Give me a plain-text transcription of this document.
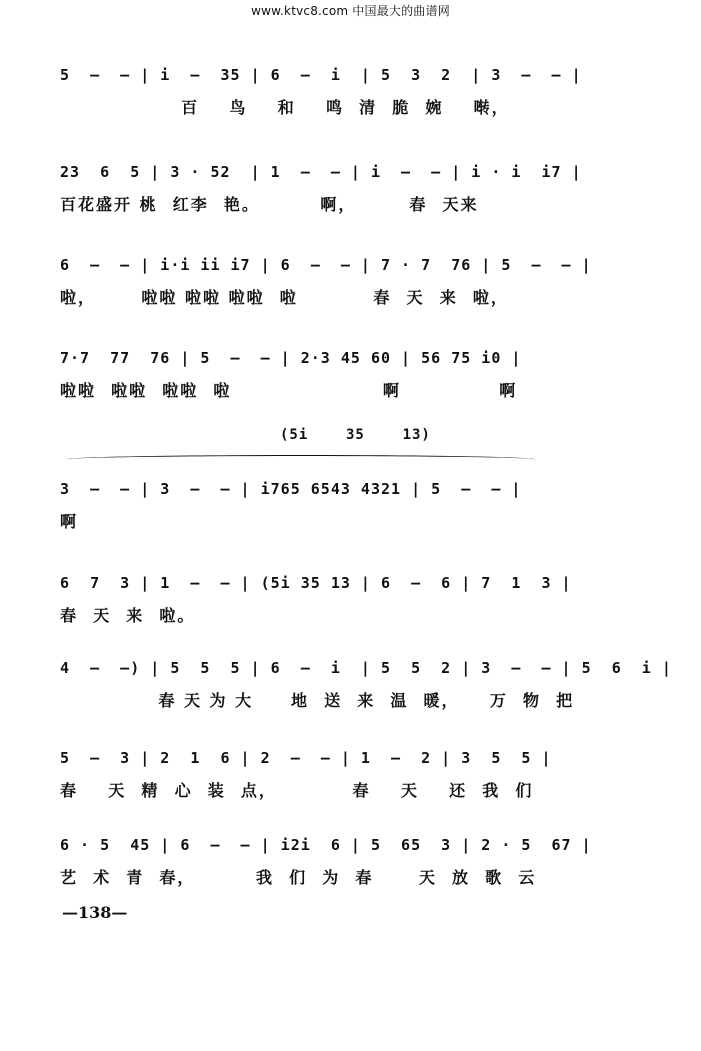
www.ktvc8.com 中国最大的曲谱网
5  —  — | i  —  35 | 6  —  i  | 5  3  2  | 3  —  — |
百    鸟    和    鸣  清  脆  婉    啭，
23  6  5 | 3 · 52  | 1  —  — | i  —  — | i · i  i7 |
百花盛开 桃  红李  艳。        啊，       春  天来
6  —  — | i·i ii i7 | 6  —  — | 7 · 7  76 | 5  —  — |
啦，      啦啦 啦啦 啦啦  啦          春  天  来  啦，
7·7  77  76 | 5  —  — | 2·3 45 60 | 56 75 i0 |
啦啦  啦啦  啦啦  啦                    啊             啊
(5i    35    13)
3  —  — | 3  —  — | i765 6543 4321 | 5  —  — |
啊
6  7  3 | 1  —  — | (5i 35 13 | 6  —  6 | 7  1  3 |
春  天  来  啦。
4  —  —) | 5  5  5 | 6  —  i  | 5  5  2 | 3  —  — | 5  6  i |
春 天 为 大     地  送  来  温  暖，    万  物  把
5  —  3 | 2  1  6 | 2  —  — | 1  —  2 | 3  5  5 |
春    天  精  心  装  点，          春    天    还  我  们
6 · 5  45 | 6  —  — | i2i  6 | 5  65  3 | 2 · 5  67 |
艺  术  青  春，        我  们  为  春      天  放  歌  云
—138—
